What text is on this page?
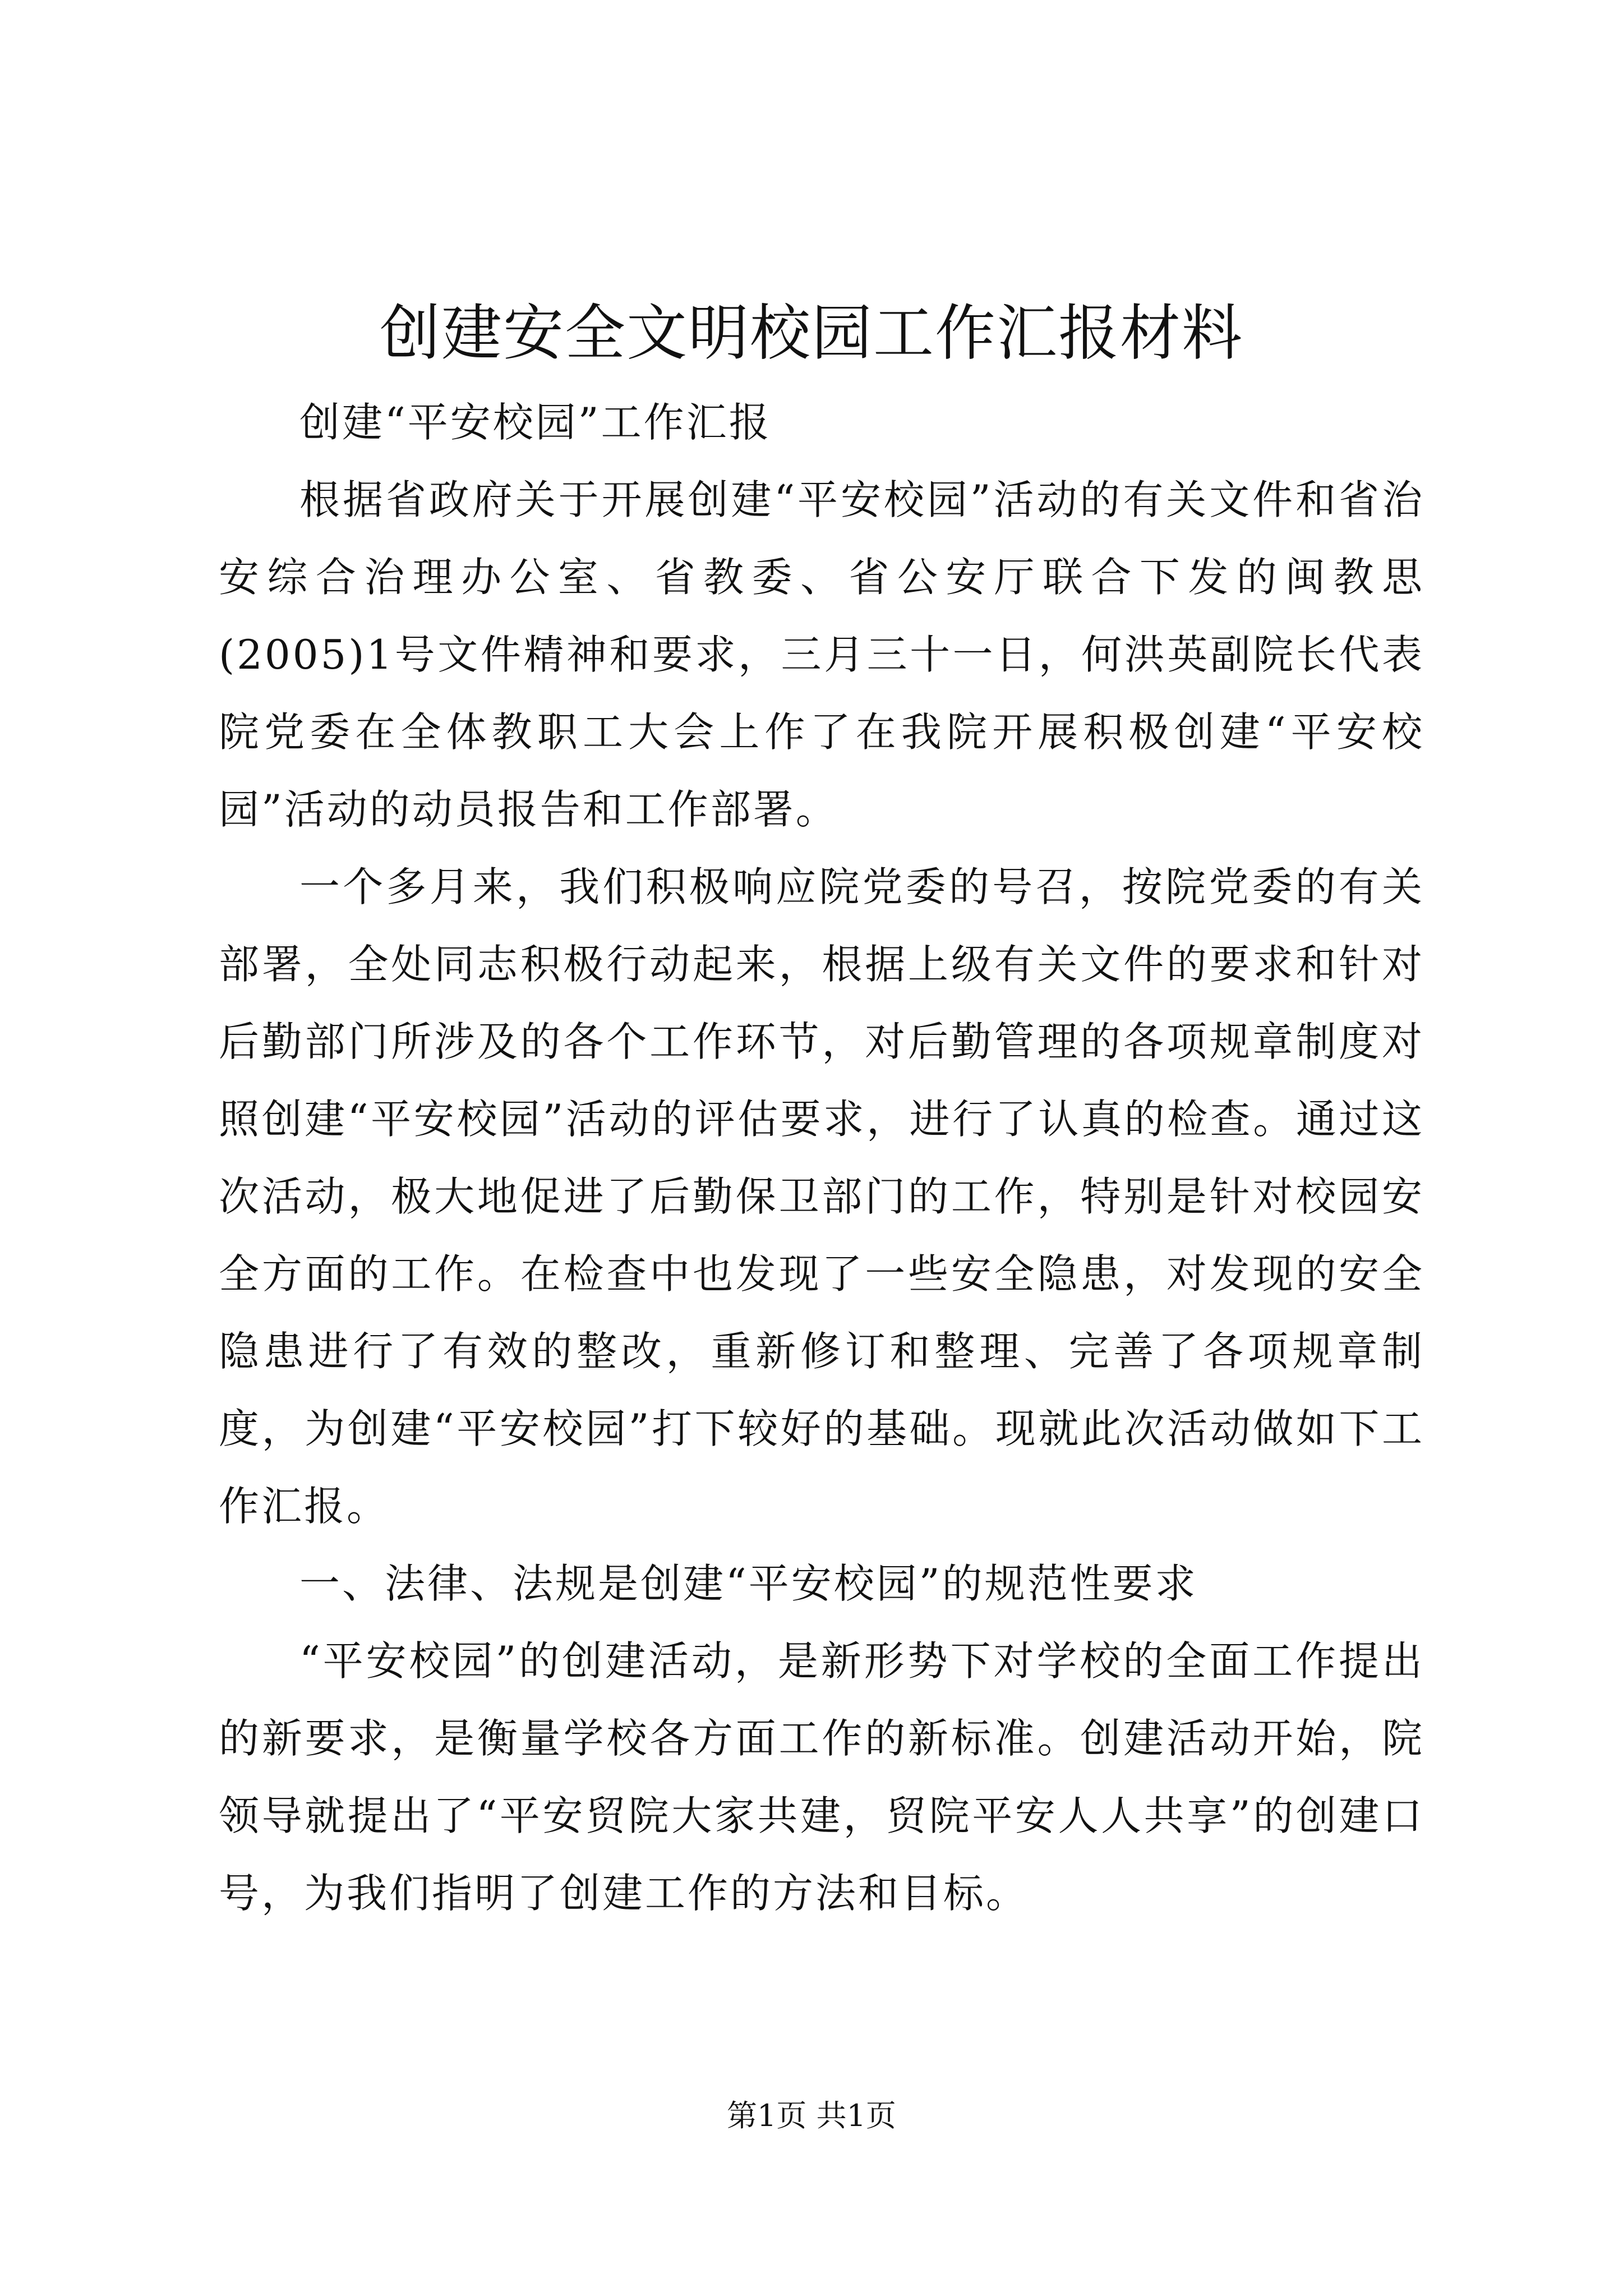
创建安全文明校园工作汇报材料

创建“平安校园”工作汇报

根据省政府关于开展创建“平安校园”活动的有关文件和省治安综合治理办公室、省教委、省公安厅联合下发的闽教思(2005)1号文件精神和要求，三月三十一日，何洪英副院长代表院党委在全体教职工大会上作了在我院开展积极创建“平安校园”活动的动员报告和工作部署。

一个多月来，我们积极响应院党委的号召，按院党委的有关部署，全处同志积极行动起来，根据上级有关文件的要求和针对后勤部门所涉及的各个工作环节，对后勤管理的各项规章制度对照创建“平安校园”活动的评估要求，进行了认真的检查。通过这次活动，极大地促进了后勤保卫部门的工作，特别是针对校园安全方面的工作。在检查中也发现了一些安全隐患，对发现的安全隐患进行了有效的整改，重新修订和整理、完善了各项规章制度，为创建“平安校园”打下较好的基础。现就此次活动做如下工作汇报。

一、法律、法规是创建“平安校园”的规范性要求

“平安校园”的创建活动，是新形势下对学校的全面工作提出的新要求，是衡量学校各方面工作的新标准。创建活动开始，院领导就提出了“平安贸院大家共建，贸院平安人人共享”的创建口号，为我们指明了创建工作的方法和目标。

第1页 共1页
